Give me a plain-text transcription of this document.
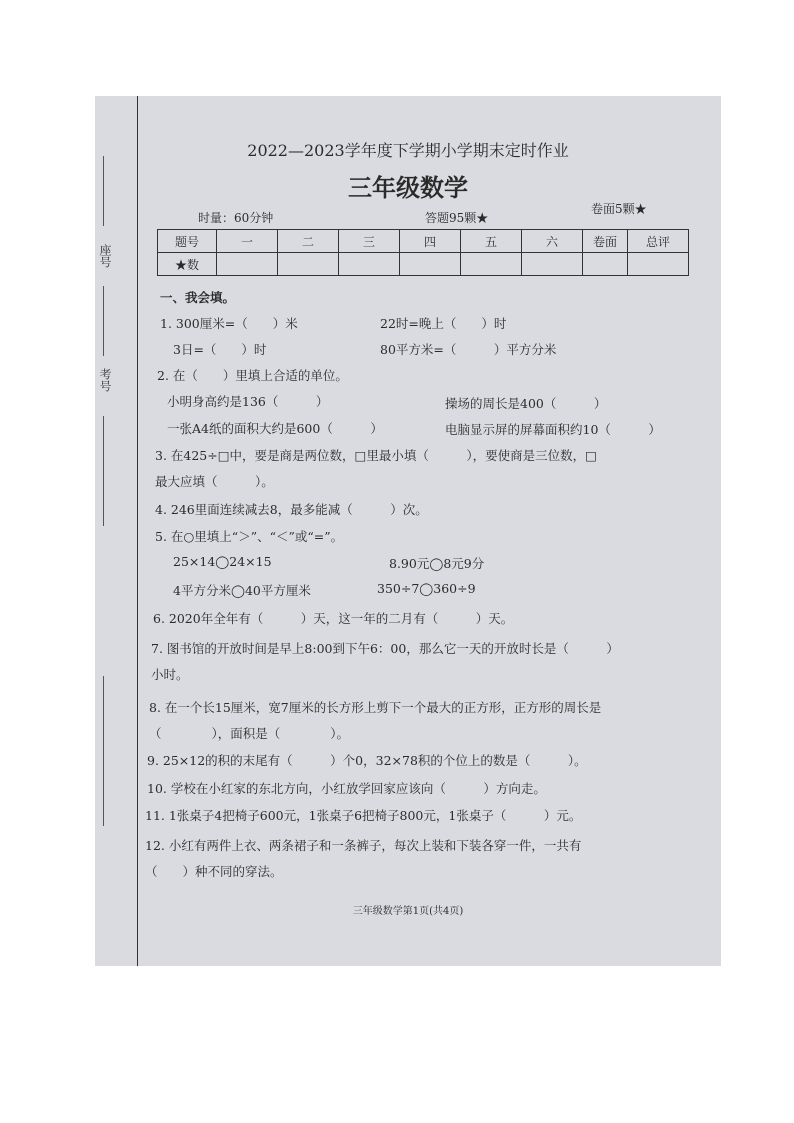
座号
考号
2022—2023学年度下学期小学期末定时作业
三年级数学
时量：60分钟	答题95颗★
卷面5颗★
题号	一	二	三	四	五	六	卷面	总评
★数								
一、我会填。
1. 300厘米=（　　）米	22时=晚上（　　）时
3日=（　　）时	80平方米=（　　　）平方分米
2. 在（　　）里填上合适的单位。
小明身高约是136（　　　）	操场的周长是400（　　　）
一张A4纸的面积大约是600（　　　）	电脑显示屏的屏幕面积约10（　　　）
3. 在425÷□中，要是商是两位数，□里最小填（　　　），要使商是三位数，□
最大应填（　　　）。
4. 246里面连续减去8，最多能减（　　　）次。
5. 在○里填上“＞”、“＜”或“=”。
25×14◯24×15	8.90元◯8元9分
4平方分米◯40平方厘米	350÷7◯360÷9
6. 2020年全年有（　　　）天，这一年的二月有（　　　）天。
7. 图书馆的开放时间是早上8:00到下午6：00，那么它一天的开放时长是（　　　）
小时。
8. 在一个长15厘米，宽7厘米的长方形上剪下一个最大的正方形，正方形的周长是
（　　　　），面积是（　　　　）。
9. 25×12的积的末尾有（　　　）个0，32×78积的个位上的数是（　　　）。
10. 学校在小红家的东北方向，小红放学回家应该向（　　　）方向走。
11. 1张桌子4把椅子600元，1张桌子6把椅子800元，1张桌子（　　　）元。
12. 小红有两件上衣、两条裙子和一条裤子，每次上装和下装各穿一件，一共有
（　　）种不同的穿法。
三年级数学第1页(共4页)
